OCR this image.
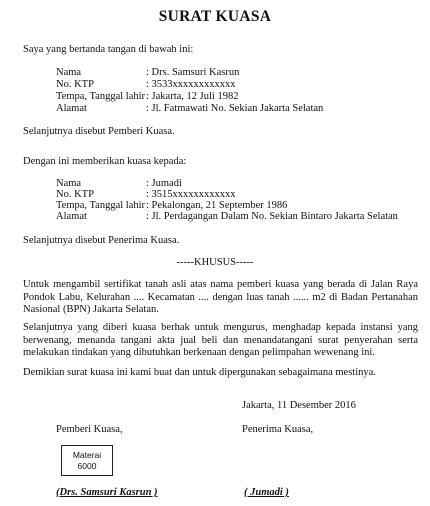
SURAT KUASA
Saya yang bertanda tangan di bawah ini:
Nama	: Drs. Samsuri Kasrun
No. KTP	: 3533xxxxxxxxxxxx
Tempa, Tanggal lahir: Jakarta, 12 Juli 1982
Alamat	: Jl. Fatmawati No. Sekian Jakarta Selatan
Selanjutnya disebut Pemberi Kuasa.
Dengan ini memberikan kuasa kepada:
Nama	: Jumadi
No. KTP	: 3515xxxxxxxxxxxx
Tempa, Tanggal lahir: Pekalongan, 21 September 1986
Alamat	: Jl. Perdagangan Dalam No. Sekian Bintaro Jakarta Selatan
Selanjutnya disebut Penerima Kuasa.
-----KHUSUS-----
Untuk mengambil sertifikat tanah asli atas nama pemberi kuasa yang berada di Jalan Raya Pondok Labu, Kelurahan .... Kecamatan .... dengan luas tanah ...... m2 di Badan Pertanahan Nasional (BPN) Jakarta Selatan.
Selanjutnya yang diberi kuasa berhak untuk mengurus, menghadap kepada instansi yang berwenang, menanda tangani akta jual beli dan menandatangani surat penyerahan serta melakukan tindakan yang dibutuhkan berkenaan dengan pelimpahan wewenang ini.
Demikian surat kuasa ini kami buat dan untuk dipergunakan sebagaimana mestinya.
Jakarta, 11 Desember 2016
Pemberi Kuasa,	Penerima Kuasa,
Materai
6000
(Drs. Samsuri Kasrun )	( Jumadi )
